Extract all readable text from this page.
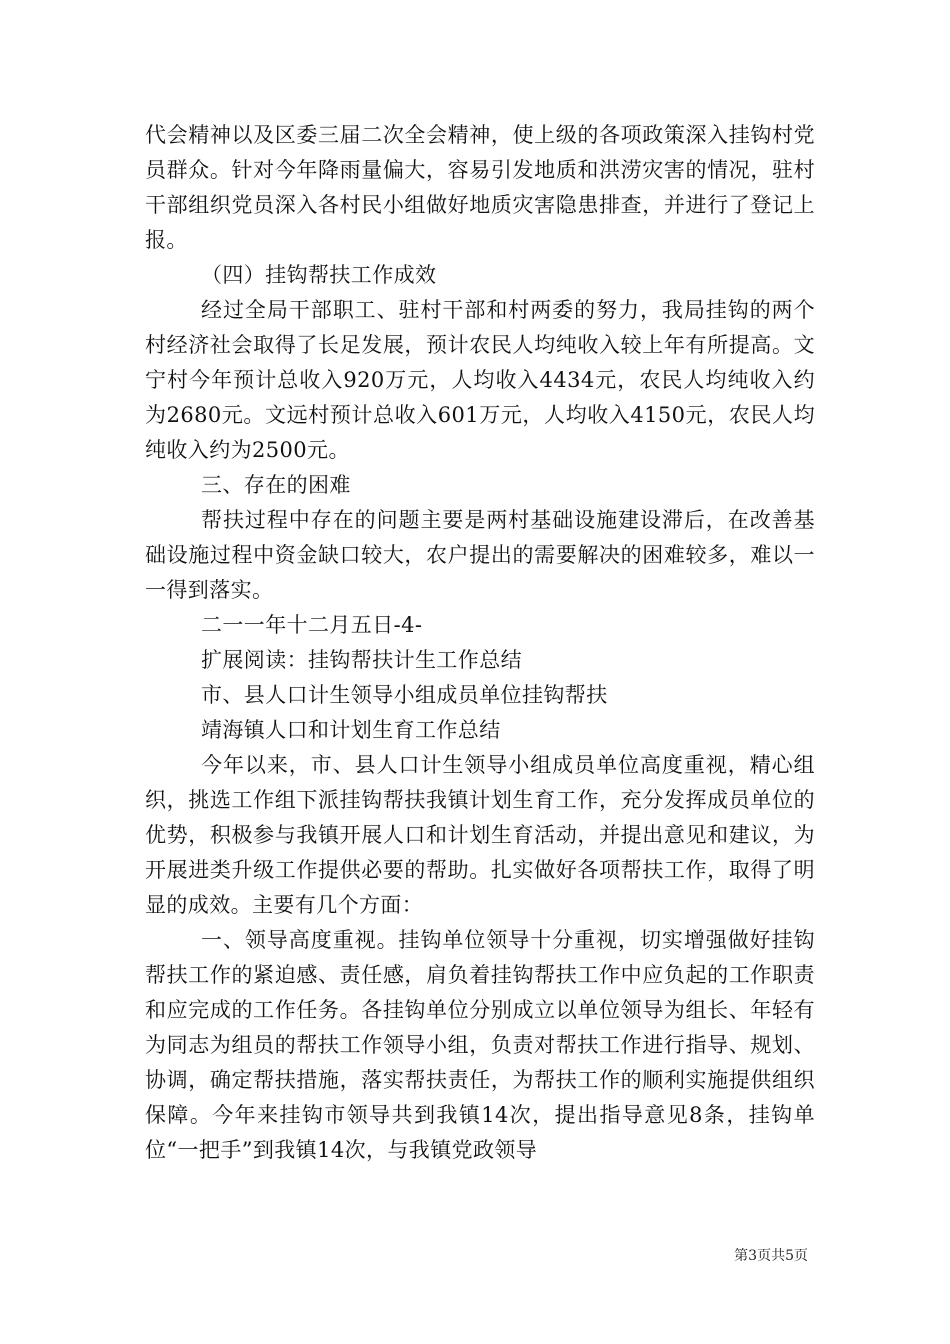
代会精神以及区委三届二次全会精神，使上级的各项政策深入挂钩村党员群众。针对今年降雨量偏大，容易引发地质和洪涝灾害的情况，驻村干部组织党员深入各村民小组做好地质灾害隐患排查，并进行了登记上报。

（四）挂钩帮扶工作成效

经过全局干部职工、驻村干部和村两委的努力，我局挂钩的两个村经济社会取得了长足发展，预计农民人均纯收入较上年有所提高。文宁村今年预计总收入920万元，人均收入4434元，农民人均纯收入约为2680元。文远村预计总收入601万元，人均收入4150元，农民人均纯收入约为2500元。

三、存在的困难

帮扶过程中存在的问题主要是两村基础设施建设滞后，在改善基础设施过程中资金缺口较大，农户提出的需要解决的困难较多，难以一一得到落实。

二一一年十二月五日-4-

扩展阅读：挂钩帮扶计生工作总结

市、县人口计生领导小组成员单位挂钩帮扶

靖海镇人口和计划生育工作总结

今年以来，市、县人口计生领导小组成员单位高度重视，精心组织，挑选工作组下派挂钩帮扶我镇计划生育工作，充分发挥成员单位的优势，积极参与我镇开展人口和计划生育活动，并提出意见和建议，为开展进类升级工作提供必要的帮助。扎实做好各项帮扶工作，取得了明显的成效。主要有几个方面：

一、领导高度重视。挂钩单位领导十分重视，切实增强做好挂钩帮扶工作的紧迫感、责任感，肩负着挂钩帮扶工作中应负起的工作职责和应完成的工作任务。各挂钩单位分别成立以单位领导为组长、年轻有为同志为组员的帮扶工作领导小组，负责对帮扶工作进行指导、规划、协调，确定帮扶措施，落实帮扶责任，为帮扶工作的顺利实施提供组织保障。今年来挂钩市领导共到我镇14次，提出指导意见8条，挂钩单位“一把手”到我镇14次，与我镇党政领导

第3页共5页
